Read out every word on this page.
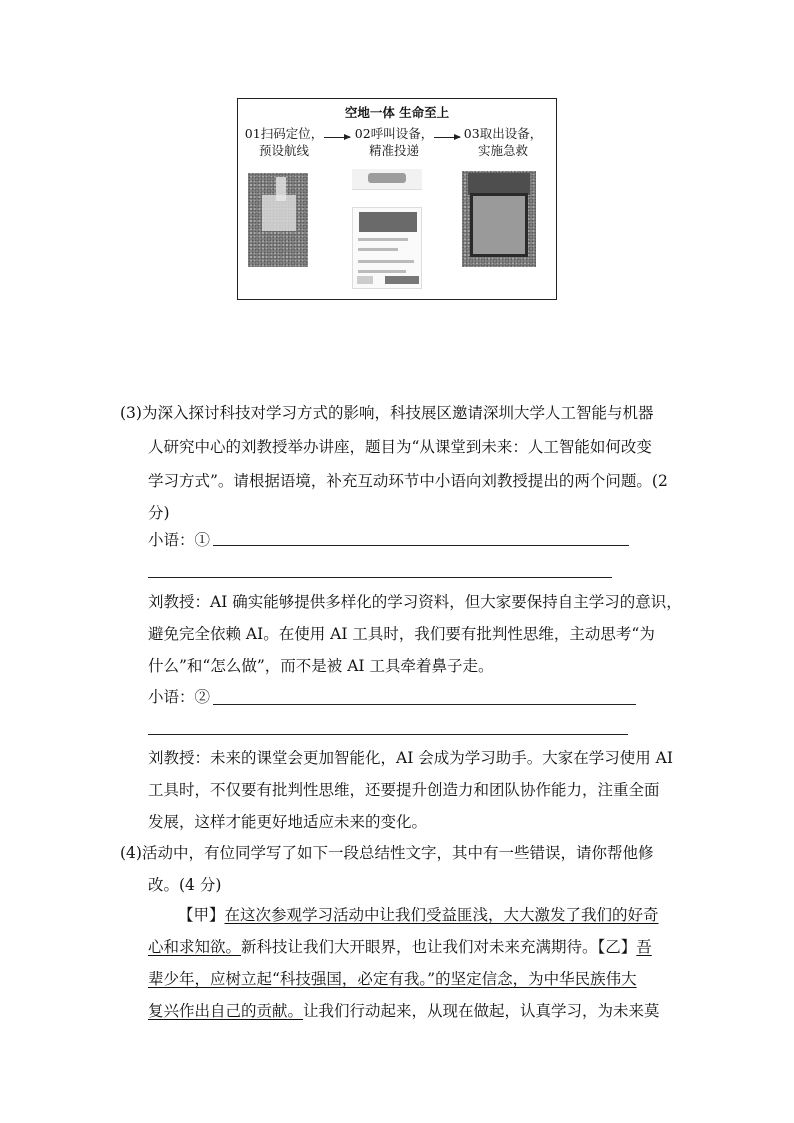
空地一体 生命至上
01扫码定位，
预设航线
02呼叫设备，
精准投递
03取出设备，
实施急救
(3)为深入探讨科技对学习方式的影响，科技展区邀请深圳大学人工智能与机器
人研究中心的刘教授举办讲座，题目为“从课堂到未来：人工智能如何改变
学习方式”。请根据语境，补充互动环节中小语向刘教授提出的两个问题。(2
分)
小语：①
刘教授：AI 确实能够提供多样化的学习资料，但大家要保持自主学习的意识，
避免完全依赖 AI。在使用 AI 工具时，我们要有批判性思维，主动思考“为
什么”和“怎么做”，而不是被 AI 工具牵着鼻子走。
小语：②
刘教授：未来的课堂会更加智能化，AI 会成为学习助手。大家在学习使用 AI
工具时，不仅要有批判性思维，还要提升创造力和团队协作能力，注重全面
发展，这样才能更好地适应未来的变化。
(4)活动中，有位同学写了如下一段总结性文字，其中有一些错误，请你帮他修
改。(4 分)
【甲】在这次参观学习活动中让我们受益匪浅，大大激发了我们的好奇
心和求知欲。新科技让我们大开眼界，也让我们对未来充满期待。【乙】吾
辈少年，应树立起“科技强国，必定有我。”的坚定信念，为中华民族伟大
复兴作出自己的贡献。让我们行动起来，从现在做起，认真学习，为未来莫
